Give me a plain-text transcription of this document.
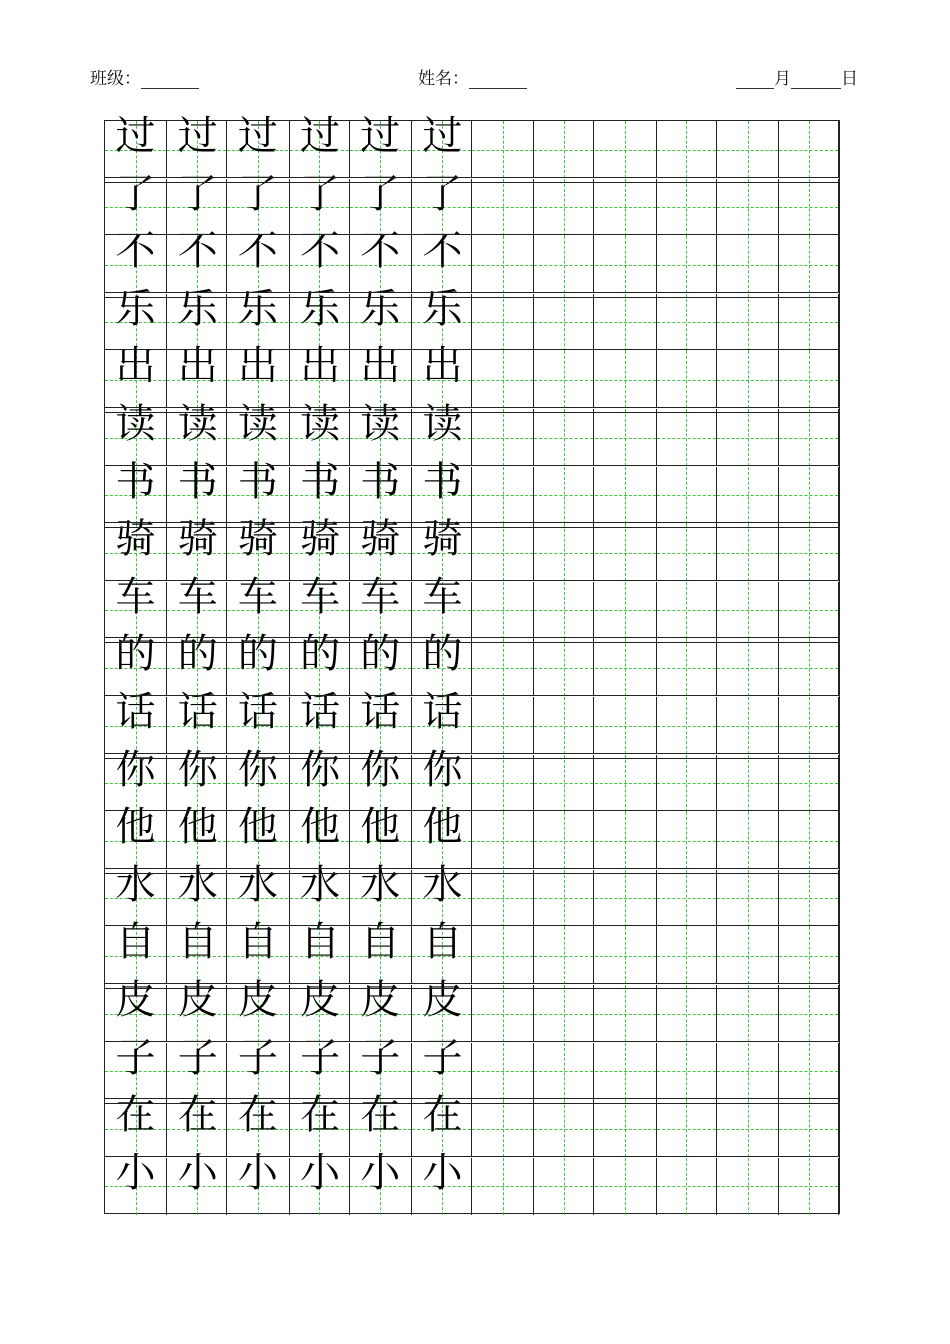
班级：	姓名：	月	日
过 过 过 过 过 过
了 了 了 了 了 了
不 不 不 不 不 不
乐 乐 乐 乐 乐 乐
出 出 出 出 出 出
读 读 读 读 读 读
书 书 书 书 书 书
骑 骑 骑 骑 骑 骑
车 车 车 车 车 车
的 的 的 的 的 的
话 话 话 话 话 话
你 你 你 你 你 你
他 他 他 他 他 他
水 水 水 水 水 水
自 自 自 自 自 自
皮 皮 皮 皮 皮 皮
子 子 子 子 子 子
在 在 在 在 在 在
小 小 小 小 小 小
